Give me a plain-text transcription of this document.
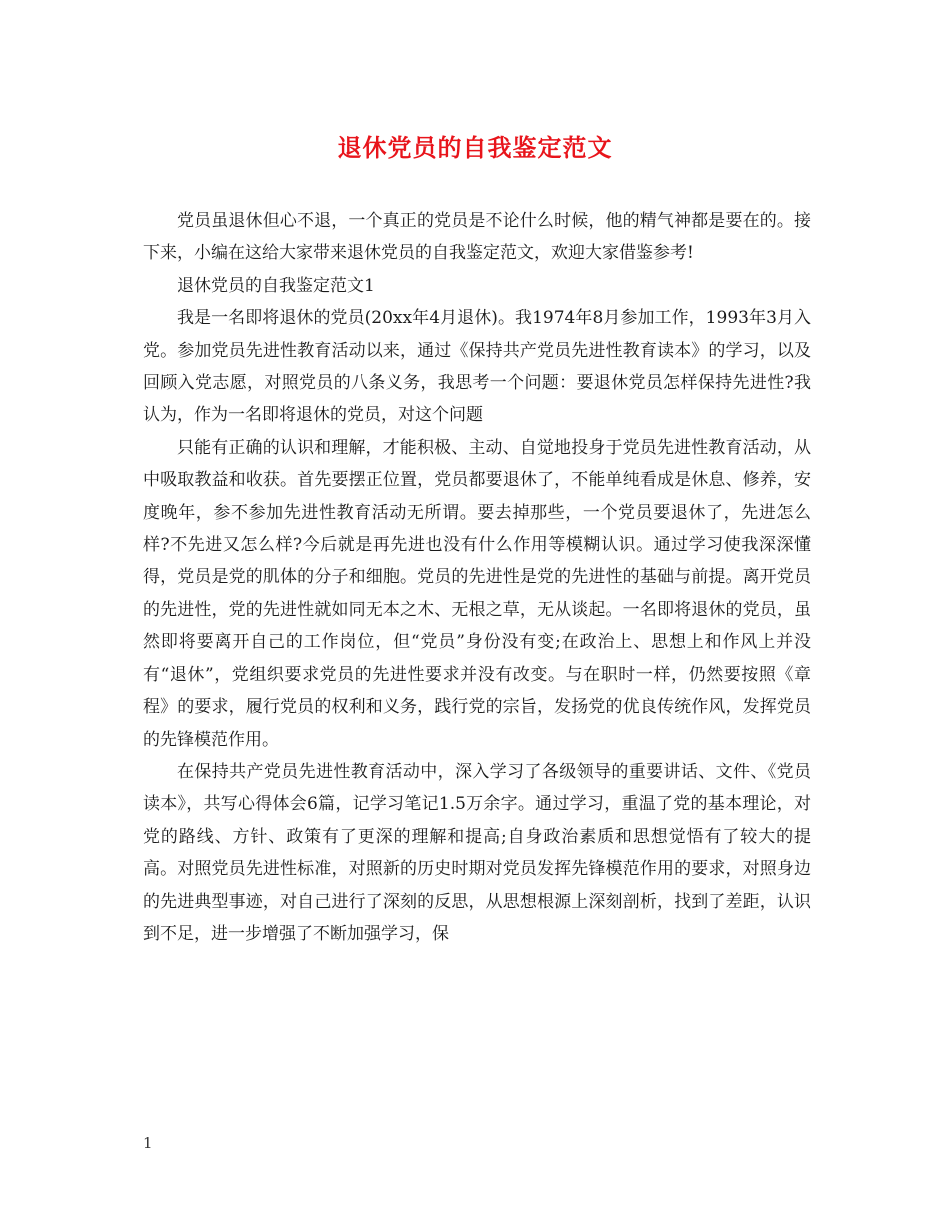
退休党员的自我鉴定范文

党员虽退休但心不退，一个真正的党员是不论什么时候，他的精气神都是要在的。接下来，小编在这给大家带来退休党员的自我鉴定范文，欢迎大家借鉴参考!

退休党员的自我鉴定范文1

我是一名即将退休的党员(20xx年4月退休)。我1974年8月参加工作，1993年3月入党。参加党员先进性教育活动以来，通过《保持共产党员先进性教育读本》的学习，以及回顾入党志愿，对照党员的八条义务，我思考一个问题：要退休党员怎样保持先进性?我认为，作为一名即将退休的党员，对这个问题

只能有正确的认识和理解，才能积极、主动、自觉地投身于党员先进性教育活动，从中吸取教益和收获。首先要摆正位置，党员都要退休了，不能单纯看成是休息、修养，安度晚年，参不参加先进性教育活动无所谓。要去掉那些，一个党员要退休了，先进怎么样?不先进又怎么样?今后就是再先进也没有什么作用等模糊认识。通过学习使我深深懂得，党员是党的肌体的分子和细胞。党员的先进性是党的先进性的基础与前提。离开党员的先进性，党的先进性就如同无本之木、无根之草，无从谈起。一名即将退休的党员，虽然即将要离开自己的工作岗位，但“党员”身份没有变;在政治上、思想上和作风上并没有“退休”，党组织要求党员的先进性要求并没有改变。与在职时一样，仍然要按照《章程》的要求，履行党员的权利和义务，践行党的宗旨，发扬党的优良传统作风，发挥党员的先锋模范作用。

在保持共产党员先进性教育活动中，深入学习了各级领导的重要讲话、文件、《党员读本》，共写心得体会6篇，记学习笔记1.5万余字。通过学习，重温了党的基本理论，对党的路线、方针、政策有了更深的理解和提高;自身政治素质和思想觉悟有了较大的提高。对照党员先进性标准，对照新的历史时期对党员发挥先锋模范作用的要求，对照身边的先进典型事迹，对自己进行了深刻的反思，从思想根源上深刻剖析，找到了差距，认识到不足，进一步增强了不断加强学习，保

1
